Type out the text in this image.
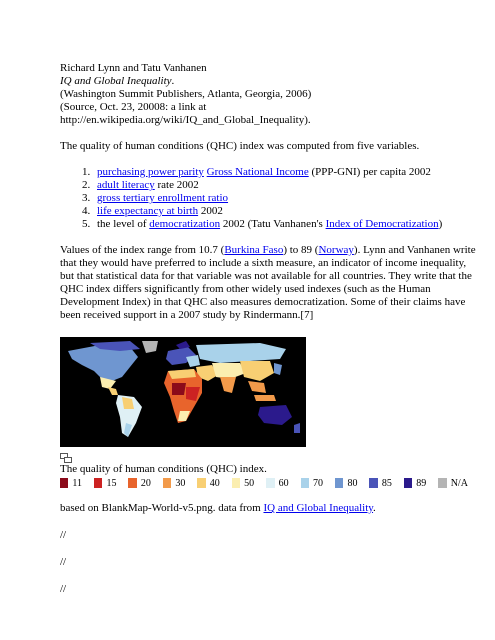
Richard Lynn and Tatu Vanhanen

IQ and Global Inequality.

(Washington Summit Publishers, Atlanta, Georgia, 2006)

(Source, Oct. 23, 20008: a link at

http://en.wikipedia.org/wiki/IQ_and_Global_Inequality).

The quality of human conditions (QHC) index was computed from five variables.

1. purchasing power parity Gross National Income (PPP-GNI) per capita 2002
2. adult literacy rate 2002
3. gross tertiary enrollment ratio
4. life expectancy at birth 2002
5. the level of democratization 2002 (Tatu Vanhanen's Index of Democratization)

Values of the index range from 10.7 (Burkina Faso) to 89 (Norway). Lynn and Vanhanen write that they would have preferred to include a sixth measure, an indicator of income inequality, but that statistical data for that variable was not available for all countries. They write that the QHC index differs significantly from other widely used indexes (such as the Human Development Index) in that QHC also measures democratization. Some of their claims have been received support in a 2007 study by Rindermann.[7]

The quality of human conditions (QHC) index.

11 15 20 30 40 50 60 70 80 85 89 N/A

based on BlankMap-World-v5.png. data from IQ and Global Inequality.

//

//

//
